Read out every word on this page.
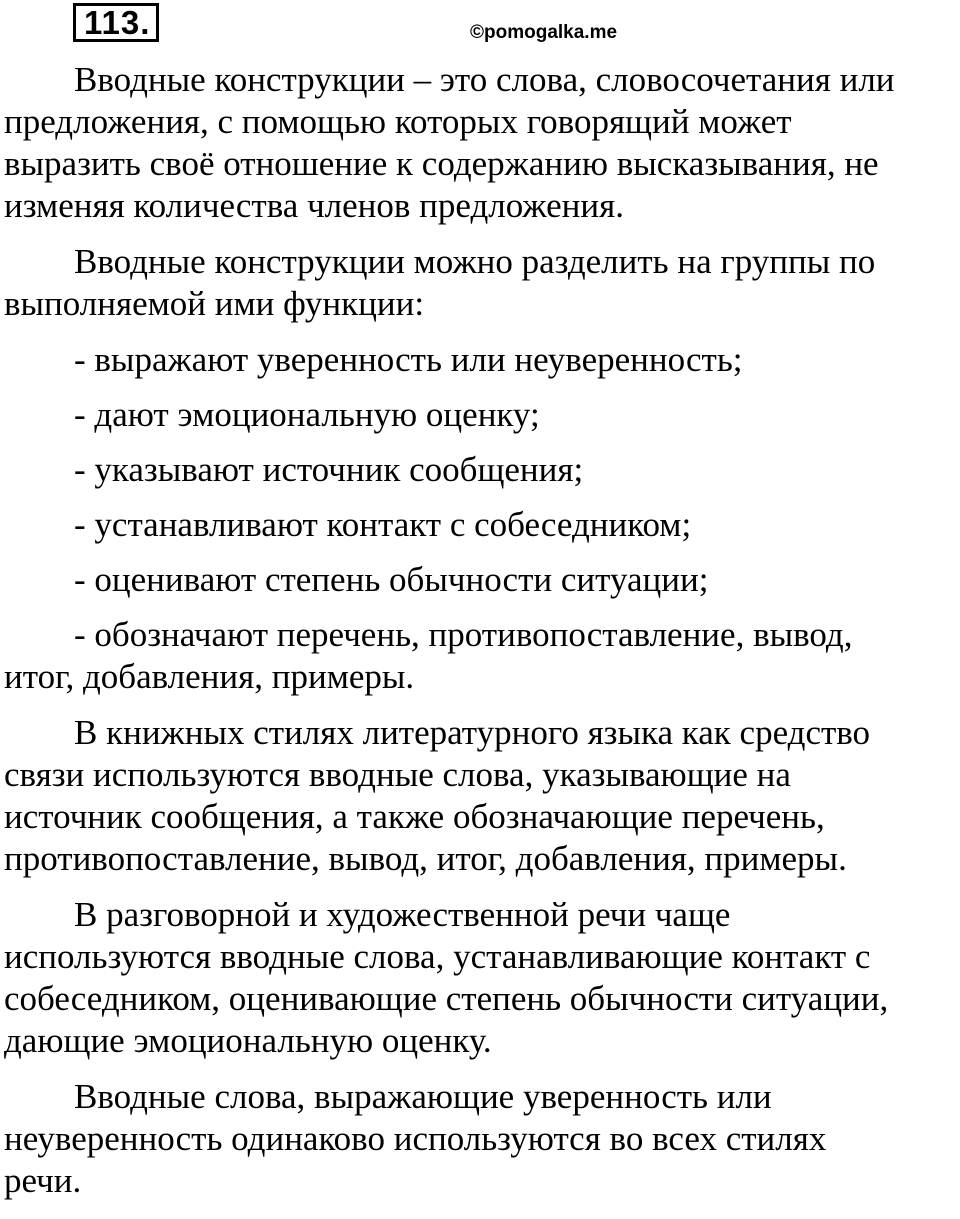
113.	©pomogalka.me

Вводные конструкции – это слова, словосочетания или
предложения, с помощью которых говорящий может
выразить своё отношение к содержанию высказывания, не
изменяя количества членов предложения.

Вводные конструкции можно разделить на группы по
выполняемой ими функции:

- выражают уверенность или неуверенность;

- дают эмоциональную оценку;

- указывают источник сообщения;

- устанавливают контакт с собеседником;

- оценивают степень обычности ситуации;

- обозначают перечень, противопоставление, вывод,
итог, добавления, примеры.

В книжных стилях литературного языка как средство
связи используются вводные слова, указывающие на
источник сообщения, а также обозначающие перечень,
противопоставление, вывод, итог, добавления, примеры.

В разговорной и художественной речи чаще
используются вводные слова, устанавливающие контакт с
собеседником, оценивающие степень обычности ситуации,
дающие эмоциональную оценку.

Вводные слова, выражающие уверенность или
неуверенность одинаково используются во всех стилях
речи.
